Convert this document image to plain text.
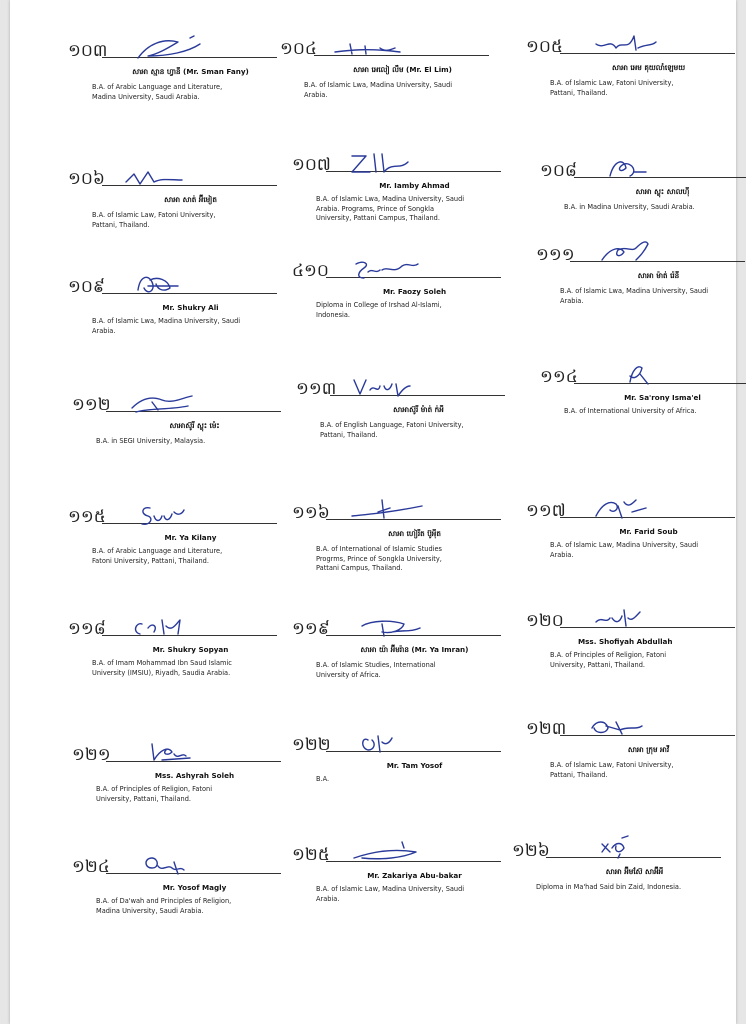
១០៣
សាអា ស្មាន ហ្វានី (Mr. Sman Fany)
B.A. of Arabic Language and Literature, Madina University, Saudi Arabia.
១០៤
សាអា អេលៀ លឹម (Mr. El Lim)
B.A. of Islamic Lwa, Madina University, Saudi Arabia.
១០៥
សាអា អេម គុយលាំឡេមយ
B.A. of Islamic Law, Fatoni University, Pattani, Thailand.
១០៦
សាអា សាត់ អ៊ីមៀត
B.A. of Islamic Law, Fatoni University, Pattani, Thailand.
១០៧
Mr. Iamby Ahmad
B.A. of Islamic Lwa, Madina University, Saudi Arabia. Programs, Prince of Songkla University, Pattani Campus, Thailand.
១០៨
សាអា ស្ហុះ សាលហ៊ី
B.A. in Madina University, Saudi Arabia.
១០៩
Mr. Shukry Ali
B.A. of Islamic Lwa, Madina University, Saudi Arabia.
៤១០
Mr. Faozy Soleh
Diploma in College of Irshad Al-Islami, Indonesia.
១១១
សាអា ម៉ាត់ រ៉េនី
B.A. of Islamic Lwa, Madina University, Saudi Arabia.
១១២
សាអាស៊ូរី ស្ហុះ ម៉េះ
B.A. in SEGI University, Malaysia.
១១៣
សាអាស៊ូរី ម៉ាត់ ក់អី
B.A. of English Language, Fatoni University, Pattani, Thailand.
១១៤
Mr. Sa'rony Isma'el
B.A. of International University of Africa.
១១៥
Mr. Ya Kilany
B.A. of Arabic Language and Literature, Fatoni University, Pattani, Thailand.
១១៦
សាអា ហៀរីត ប៊ូអ៉ីត
B.A. of International of Islamic Studies Progrms, Prince of Songkla University, Pattani Campus, Thailand.
១១៧
Mr. Farid Soub
B.A. of Islamic Law, Madina University, Saudi Arabia.
១១៨
Mr. Shukry Sopyan
B.A. of Imam Mohammad Ibn Saud Islamic University (IMSIU), Riyadh, Saudia Arabia.
១១៩
សាអា យ៉ា អ៊ីមរ៉ាន (Mr. Ya Imran)
B.A. of Islamic Studies, International University of Africa.
១២០
Mss. Shofiyah Abdullah
B.A. of Principles of Religion, Fatoni University, Pattani, Thailand.
១២១
Mss. Ashyrah Soleh
B.A. of Principles of Religion, Fatoni University, Pattani, Thailand.
១២២
Mr. Tam Yosof
B.A.
១២៣
សាអា ក្រុម អាវី
B.A. of Islamic Law, Fatoni University, Pattani, Thailand.
១២៤
Mr. Yosof Magly
B.A. of Da'wah and Principles of Religion, Madina University, Saudi Arabia.
១២៥
Mr. Zakariya Abu-bakar
B.A. of Islamic Law, Madina University, Saudi Arabia.
១២៦
សាអា អ៊ីមស៊ែ សាអ៊ីអី
Diploma in Ma'had Said bin Zaid, Indonesia.
